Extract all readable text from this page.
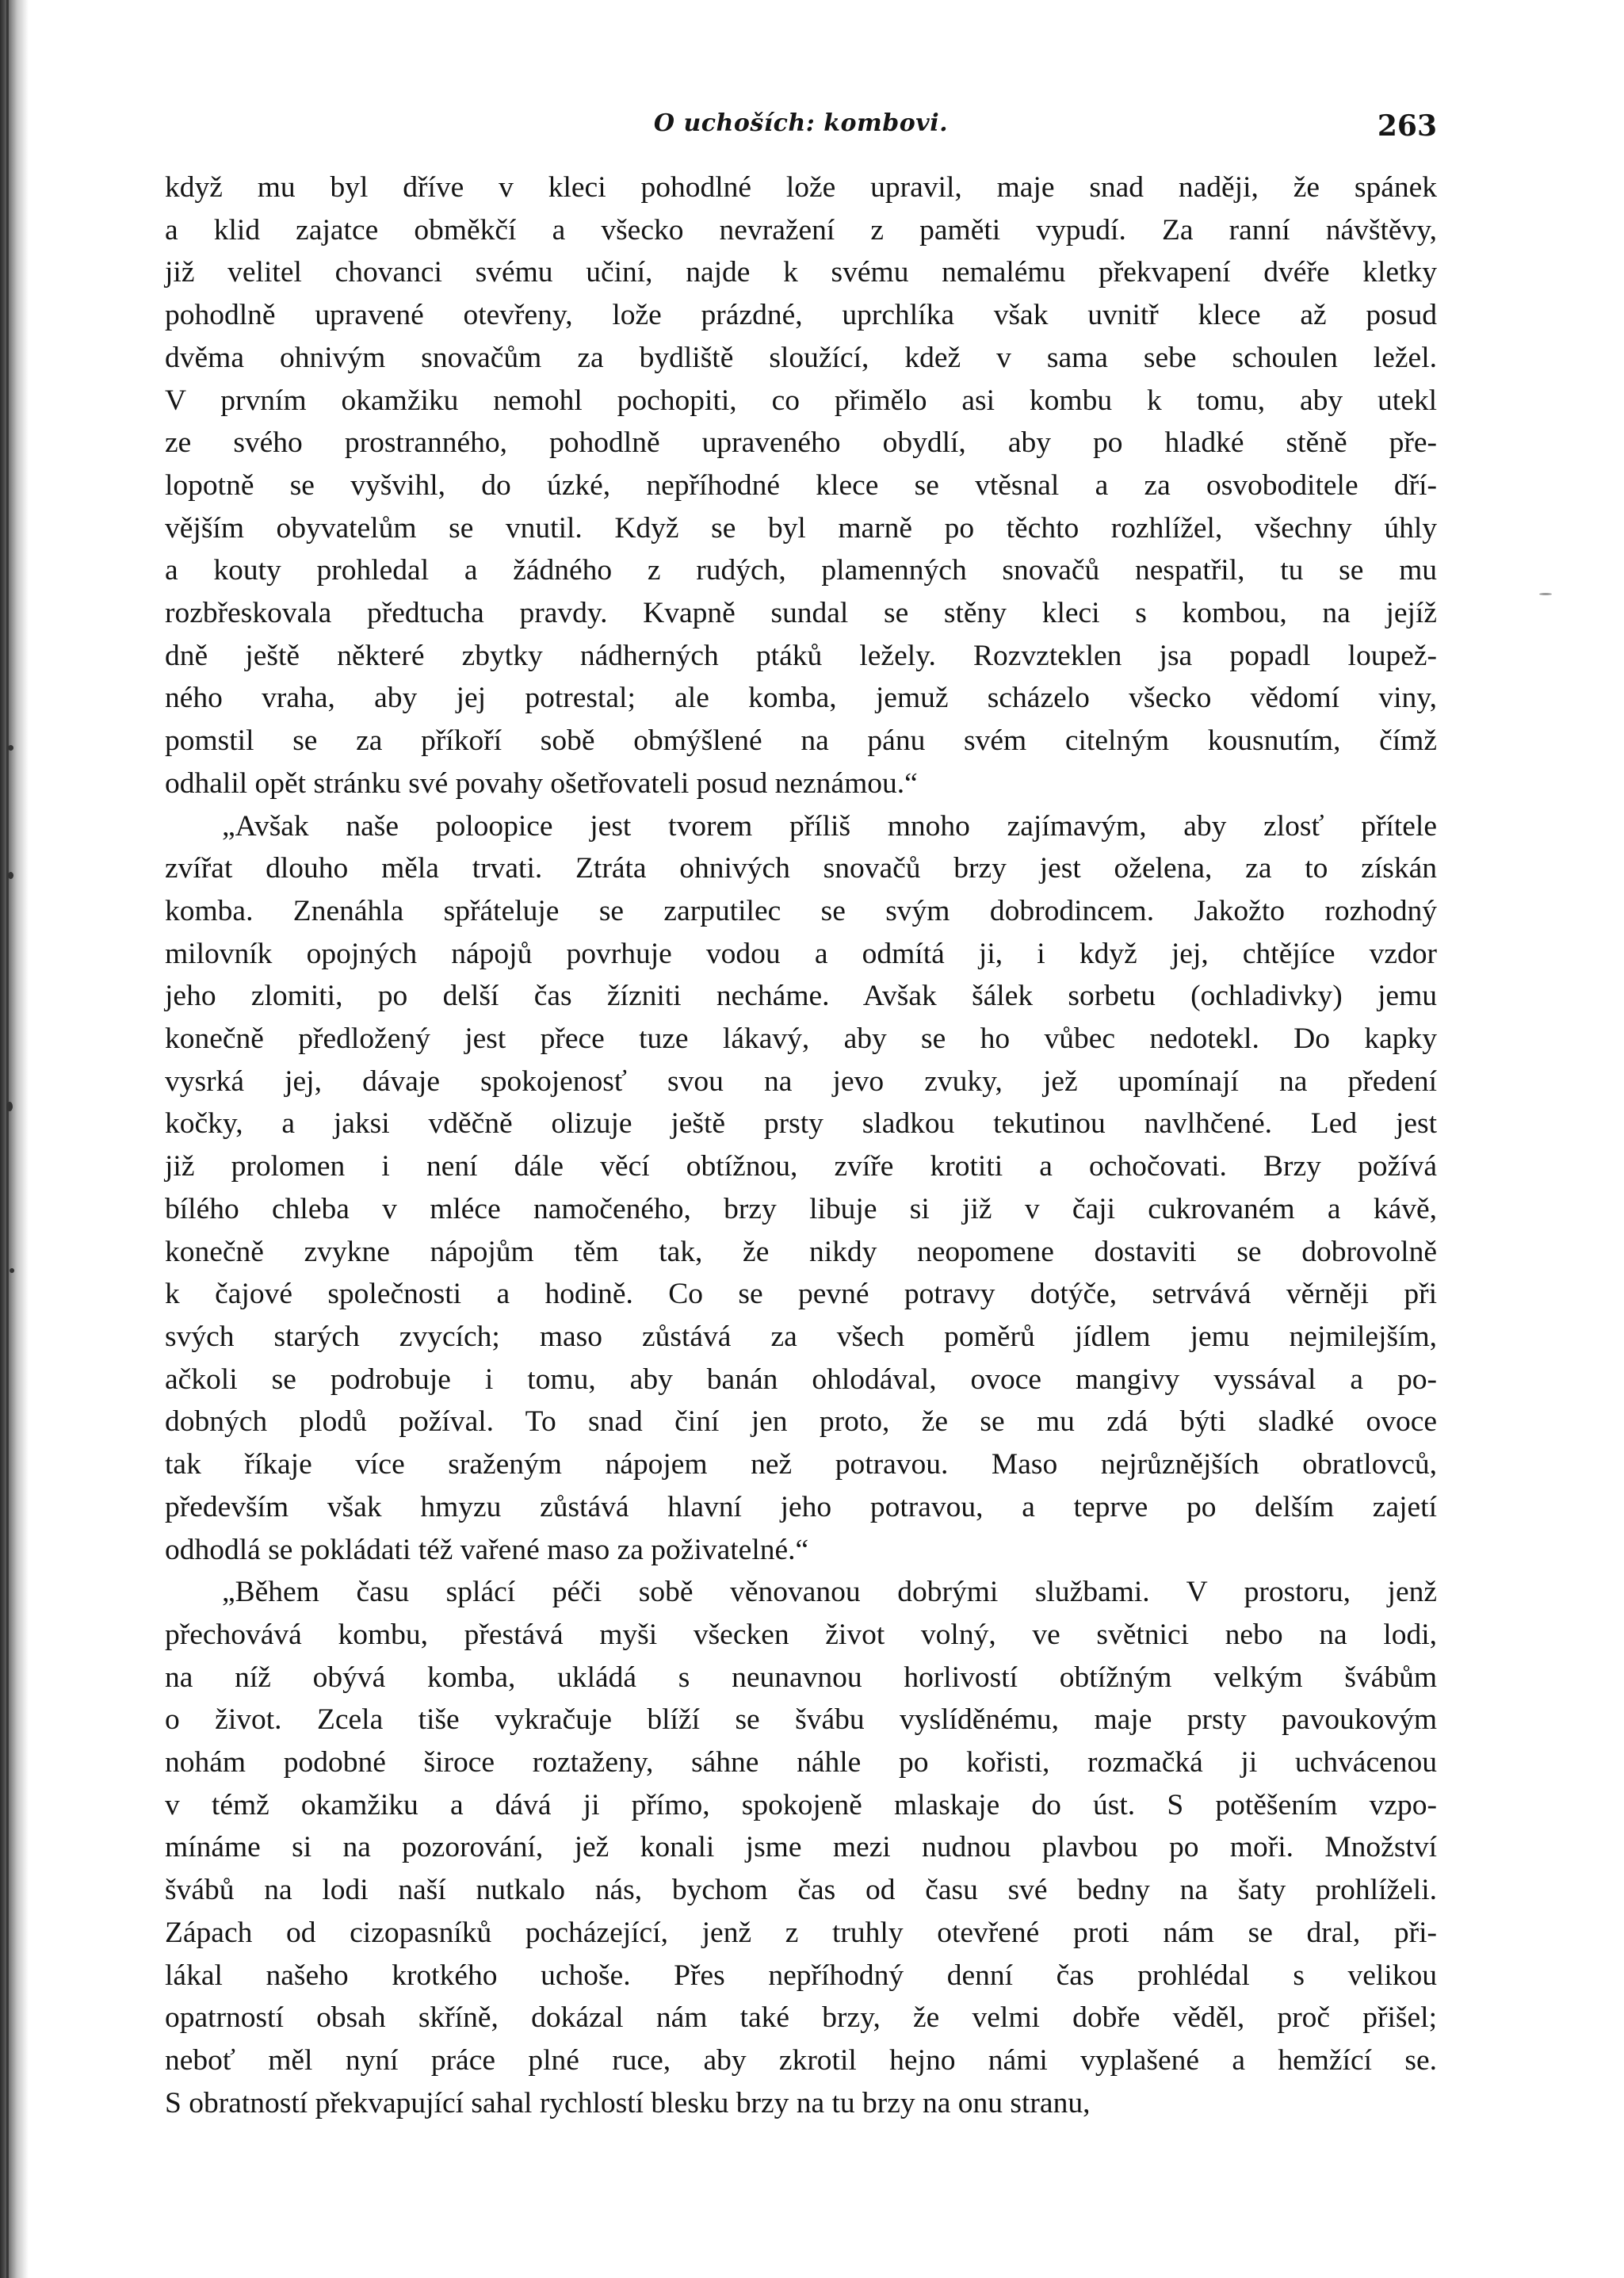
O uchoších: kombovi.	263

když mu byl dříve v kleci pohodlné lože upravil, maje snad naději, že spánek
a klid zajatce obměkčí a všecko nevražení z paměti vypudí. Za ranní návštěvy,
již velitel chovanci svému učiní, najde k svému nemalému překvapení dvéře kletky
pohodlně upravené otevřeny, lože prázdné, uprchlíka však uvnitř klece až posud
dvěma ohnivým snovačům za bydliště sloužící, kdež v sama sebe schoulen ležel.
V prvním okamžiku nemohl pochopiti, co přimělo asi kombu k tomu, aby utekl
ze svého prostranného, pohodlně upraveného obydlí, aby po hladké stěně pře-
lopotně se vyšvihl, do úzké, nepříhodné klece se vtěsnal a za osvoboditele dří-
vějším obyvatelům se vnutil. Když se byl marně po těchto rozhlížel, všechny úhly
a kouty prohledal a žádného z rudých, plamenných snovačů nespatřil, tu se mu
rozbřeskovala předtucha pravdy. Kvapně sundal se stěny kleci s kombou, na jejíž
dně ještě některé zbytky nádherných ptáků ležely. Rozvzteklen jsa popadl loupež-
ného vraha, aby jej potrestal; ale komba, jemuž scházelo všecko vědomí viny,
pomstil se za příkoří sobě obmýšlené na pánu svém citelným kousnutím, čímž
odhalil opět stránku své povahy ošetřovateli posud neznámou.“

„Avšak naše poloopice jest tvorem příliš mnoho zajímavým, aby zlosť přítele
zvířat dlouho měla trvati. Ztráta ohnivých snovačů brzy jest oželena, za to získán
komba. Znenáhla spřáteluje se zarputilec se svým dobrodincem. Jakožto rozhodný
milovník opojných nápojů povrhuje vodou a odmítá ji, i když jej, chtějíce vzdor
jeho zlomiti, po delší čas žízniti necháme. Avšak šálek sorbetu (ochladivky) jemu
konečně předložený jest přece tuze lákavý, aby se ho vůbec nedotekl. Do kapky
vysrká jej, dávaje spokojenosť svou na jevo zvuky, jež upomínají na předení
kočky, a jaksi vděčně olizuje ještě prsty sladkou tekutinou navlhčené. Led jest
již prolomen i není dále věcí obtížnou, zvíře krotiti a ochočovati. Brzy požívá
bílého chleba v mléce namočeného, brzy libuje si již v čaji cukrovaném a kávě,
konečně zvykne nápojům těm tak, že nikdy neopomene dostaviti se dobrovolně
k čajové společnosti a hodině. Co se pevné potravy dotýče, setrvává věrněji při
svých starých zvycích; maso zůstává za všech poměrů jídlem jemu nejmilejším,
ačkoli se podrobuje i tomu, aby banán ohlodával, ovoce mangivy vyssával a po-
dobných plodů požíval. To snad činí jen proto, že se mu zdá býti sladké ovoce
tak říkaje více sraženým nápojem než potravou. Maso nejrůznějších obratlovců,
především však hmyzu zůstává hlavní jeho potravou, a teprve po delším zajetí
odhodlá se pokládati též vařené maso za poživatelné.“

„Během času splácí péči sobě věnovanou dobrými službami. V prostoru, jenž
přechovává kombu, přestává myši všecken život volný, ve světnici nebo na lodi,
na níž obývá komba, ukládá s neunavnou horlivostí obtížným velkým švábům
o život. Zcela tiše vykračuje blíží se švábu vyslíděnému, maje prsty pavoukovým
nohám podobné široce roztaženy, sáhne náhle po kořisti, rozmačká ji uchvácenou
v témž okamžiku a dává ji přímo, spokojeně mlaskaje do úst. S potěšením vzpo-
mínáme si na pozorování, jež konali jsme mezi nudnou plavbou po moři. Množství
švábů na lodi naší nutkalo nás, bychom čas od času své bedny na šaty prohlíželi.
Zápach od cizopasníků pocházející, jenž z truhly otevřené proti nám se dral, při-
lákal našeho krotkého uchoše. Přes nepříhodný denní čas prohlédal s velikou
opatrností obsah skříně, dokázal nám také brzy, že velmi dobře věděl, proč přišel;
neboť měl nyní práce plné ruce, aby zkrotil hejno námi vyplašené a hemžící se.
S obratností překvapující sahal rychlostí blesku brzy na tu brzy na onu stranu,
